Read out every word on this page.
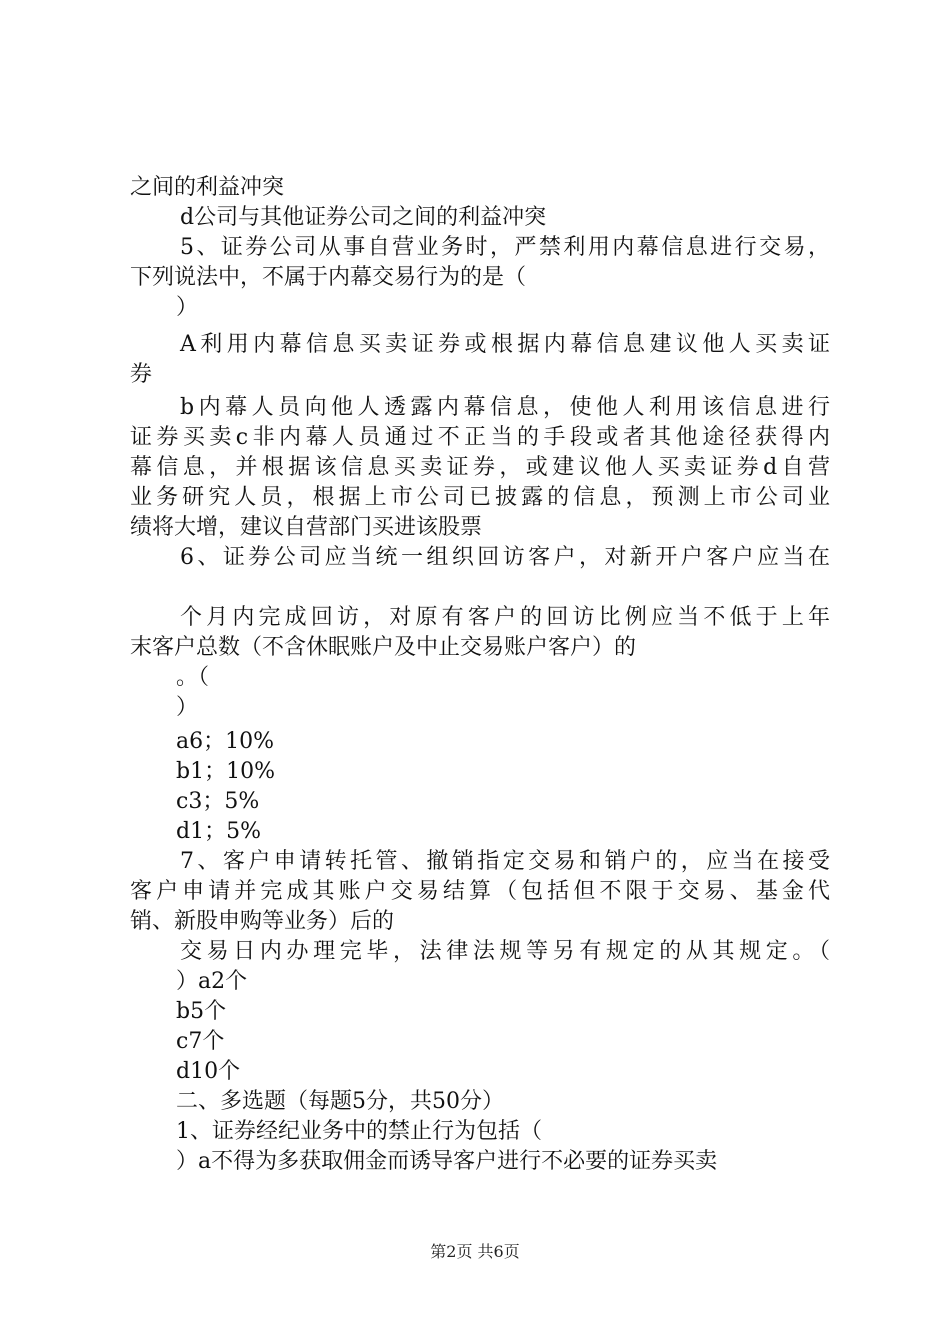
之间的利益冲突
d公司与其他证券公司之间的利益冲突
5、证券公司从事自营业务时，严禁利用内幕信息进行交易，
下列说法中，不属于内幕交易行为的是（
）
A利用内幕信息买卖证券或根据内幕信息建议他人买卖证
券
b内幕人员向他人透露内幕信息，使他人利用该信息进行
证券买卖c非内幕人员通过不正当的手段或者其他途径获得内
幕信息，并根据该信息买卖证券，或建议他人买卖证券d自营
业务研究人员，根据上市公司已披露的信息，预测上市公司业
绩将大增，建议自营部门买进该股票
6、证券公司应当统一组织回访客户，对新开户客户应当在
个月内完成回访，对原有客户的回访比例应当不低于上年
末客户总数（不含休眠账户及中止交易账户客户）的
。（
）
a6；10%
b1；10%
c3；5%
d1；5%
7、客户申请转托管、撤销指定交易和销户的，应当在接受
客户申请并完成其账户交易结算（包括但不限于交易、基金代
销、新股申购等业务）后的
交易日内办理完毕，法律法规等另有规定的从其规定。（
）a2个
b5个
c7个
d10个
二、多选题（每题5分，共50分）
1、证券经纪业务中的禁止行为包括（
）a不得为多获取佣金而诱导客户进行不必要的证券买卖
第2页 共6页
